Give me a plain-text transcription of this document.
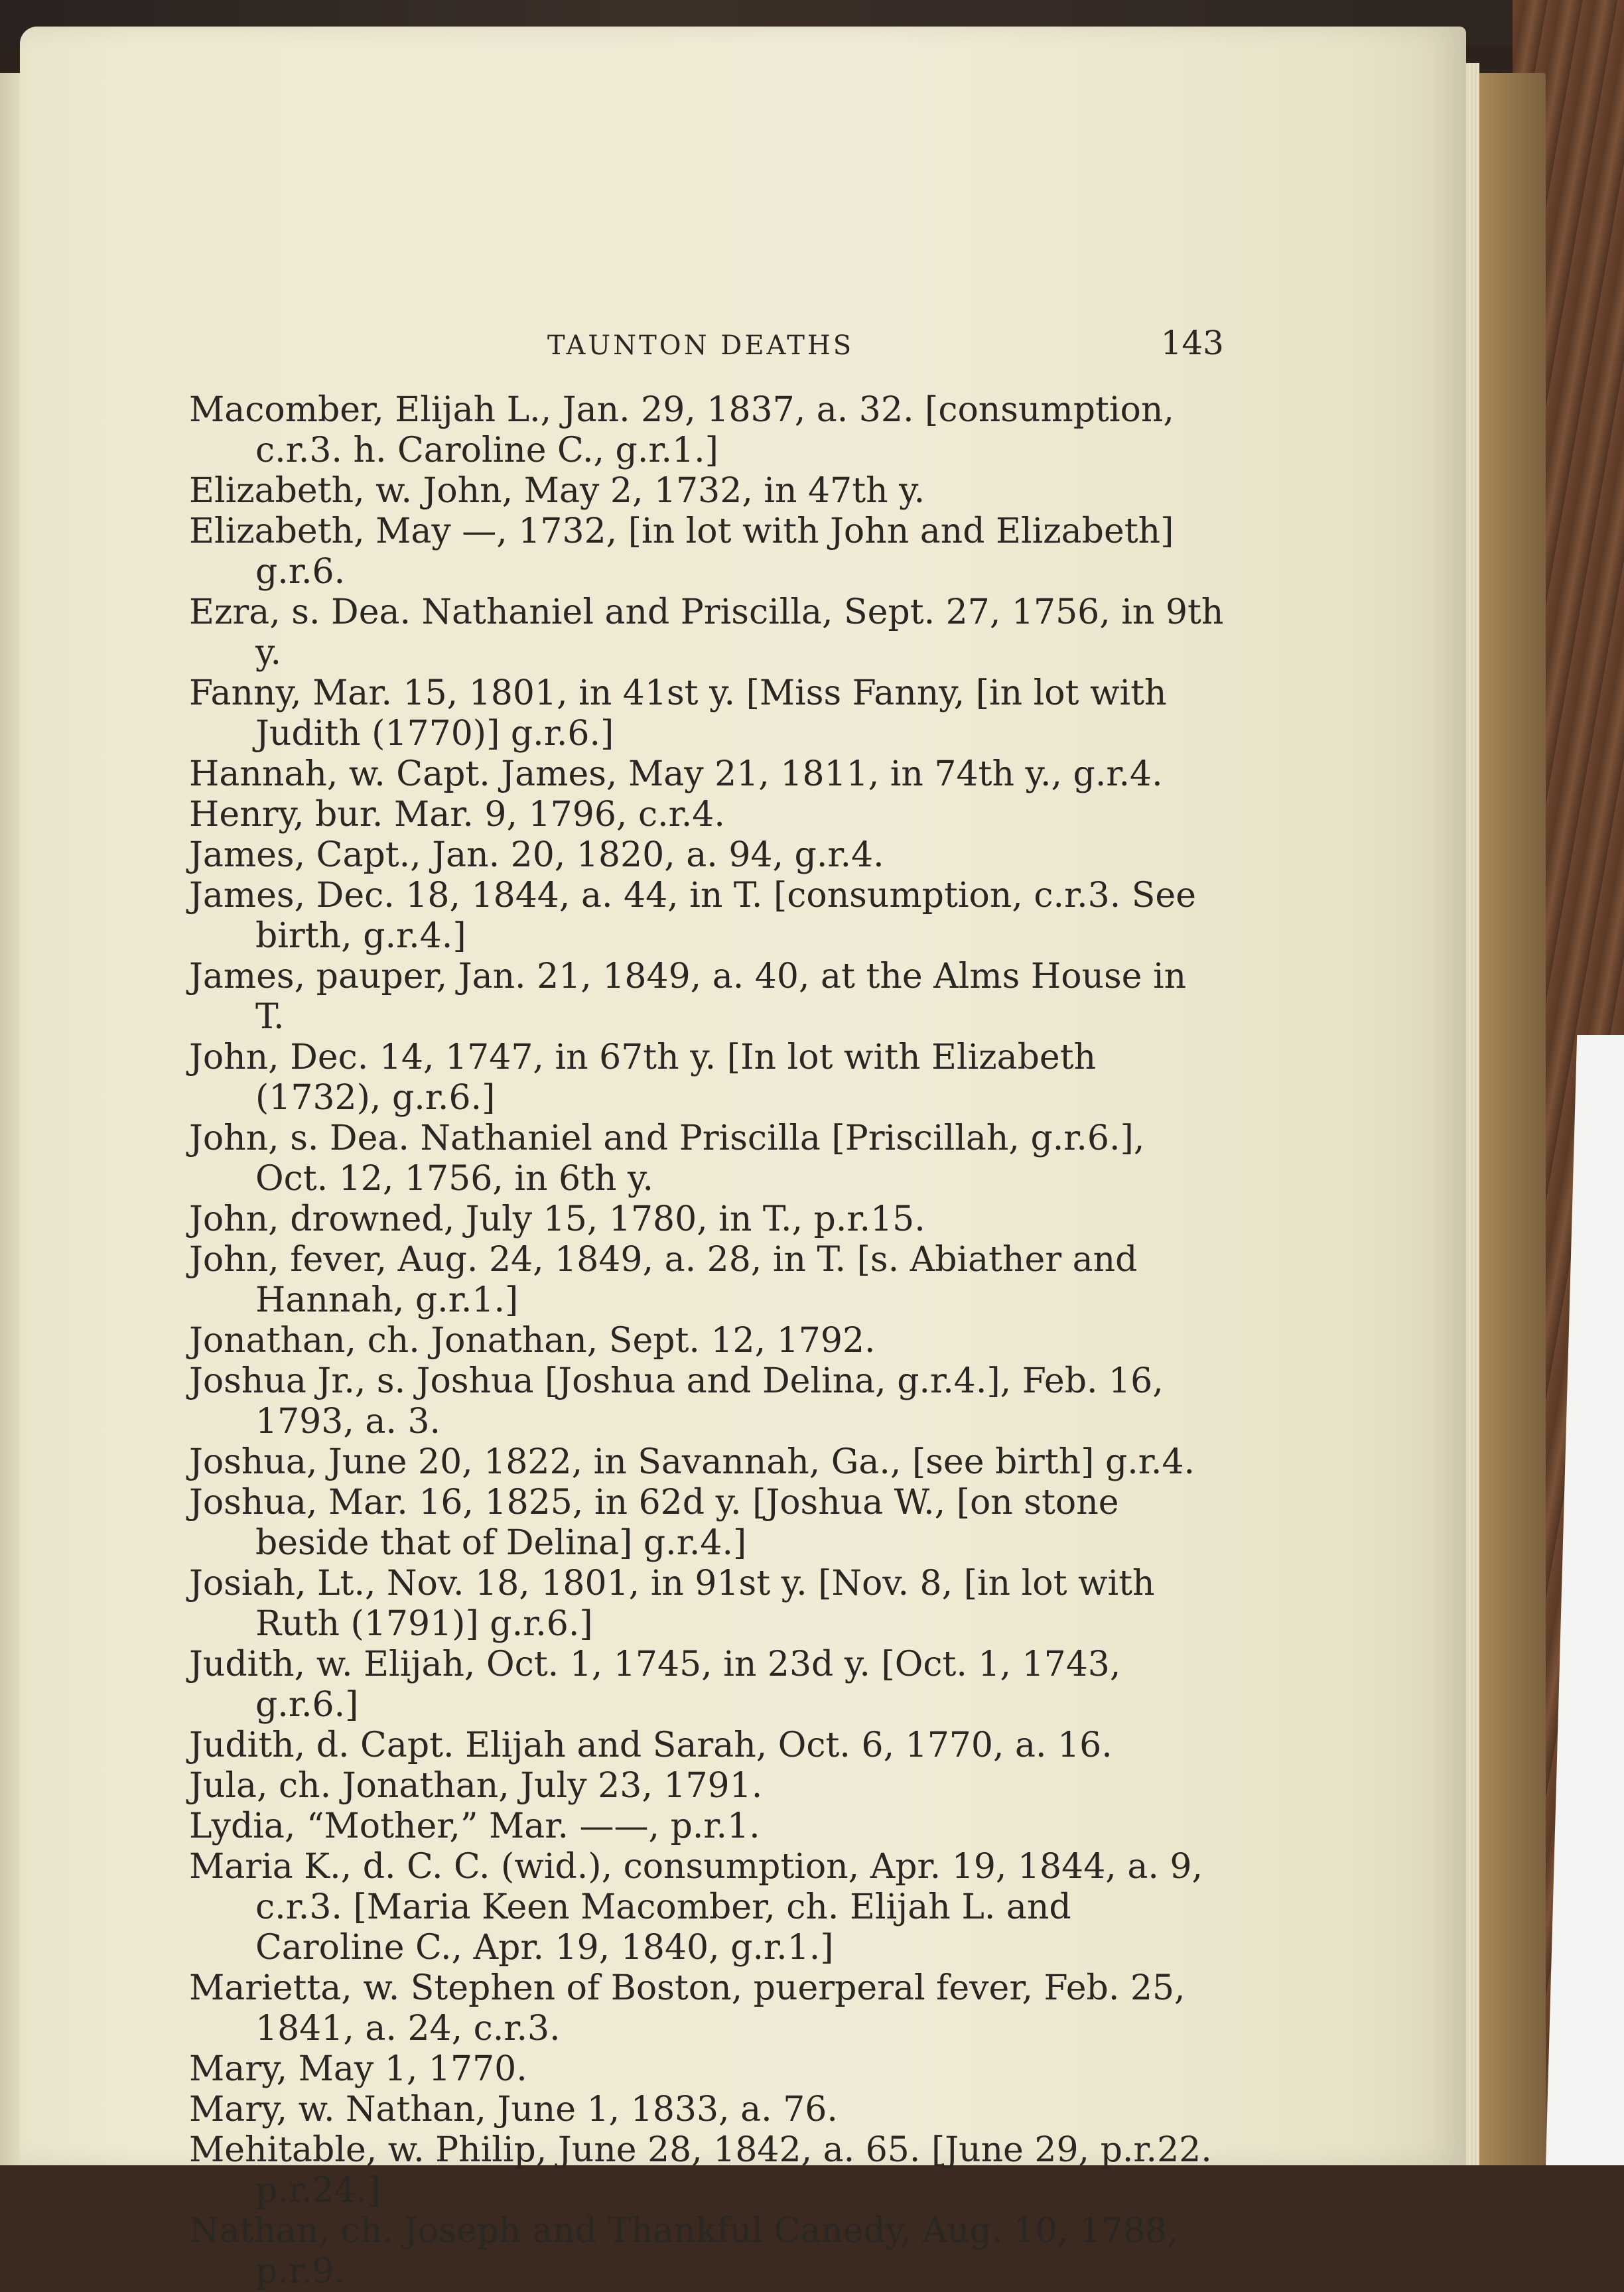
TAUNTON DEATHS	143

Macomber, Elijah L., Jan. 29, 1837, a. 32. [consumption, c.r.3. h. Caroline C., g.r.1.]

Elizabeth, w. John, May 2, 1732, in 47th y.

Elizabeth, May —, 1732, [in lot with John and Elizabeth] g.r.6.

Ezra, s. Dea. Nathaniel and Priscilla, Sept. 27, 1756, in 9th y.

Fanny, Mar. 15, 1801, in 41st y. [Miss Fanny, [in lot with Judith (1770)] g.r.6.]

Hannah, w. Capt. James, May 21, 1811, in 74th y., g.r.4.

Henry, bur. Mar. 9, 1796, c.r.4.

James, Capt., Jan. 20, 1820, a. 94, g.r.4.

James, Dec. 18, 1844, a. 44, in T. [consumption, c.r.3. See birth, g.r.4.]

James, pauper, Jan. 21, 1849, a. 40, at the Alms House in T.

John, Dec. 14, 1747, in 67th y. [In lot with Elizabeth (1732), g.r.6.]

John, s. Dea. Nathaniel and Priscilla [Priscillah, g.r.6.], Oct. 12, 1756, in 6th y.

John, drowned, July 15, 1780, in T., p.r.15.

John, fever, Aug. 24, 1849, a. 28, in T. [s. Abiather and Hannah, g.r.1.]

Jonathan, ch. Jonathan, Sept. 12, 1792.

Joshua Jr., s. Joshua [Joshua and Delina, g.r.4.], Feb. 16, 1793, a. 3.

Joshua, June 20, 1822, in Savannah, Ga., [see birth] g.r.4.

Joshua, Mar. 16, 1825, in 62d y. [Joshua W., [on stone beside that of Delina] g.r.4.]

Josiah, Lt., Nov. 18, 1801, in 91st y. [Nov. 8, [in lot with Ruth (1791)] g.r.6.]

Judith, w. Elijah, Oct. 1, 1745, in 23d y. [Oct. 1, 1743, g.r.6.]

Judith, d. Capt. Elijah and Sarah, Oct. 6, 1770, a. 16.

Jula, ch. Jonathan, July 23, 1791.

Lydia, “Mother,” Mar. ——, p.r.1.

Maria K., d. C. C. (wid.), consumption, Apr. 19, 1844, a. 9, c.r.3. [Maria Keen Macomber, ch. Elijah L. and Caroline C., Apr. 19, 1840, g.r.1.]

Marietta, w. Stephen of Boston, puerperal fever, Feb. 25, 1841, a. 24, c.r.3.

Mary, May 1, 1770.

Mary, w. Nathan, June 1, 1833, a. 76.

Mehitable, w. Philip, June 28, 1842, a. 65. [June 29, p.r.22. p.r.24.]

Nathan, ch. Joseph and Thankful Canedy, Aug. 10, 1788, p.r.9.
